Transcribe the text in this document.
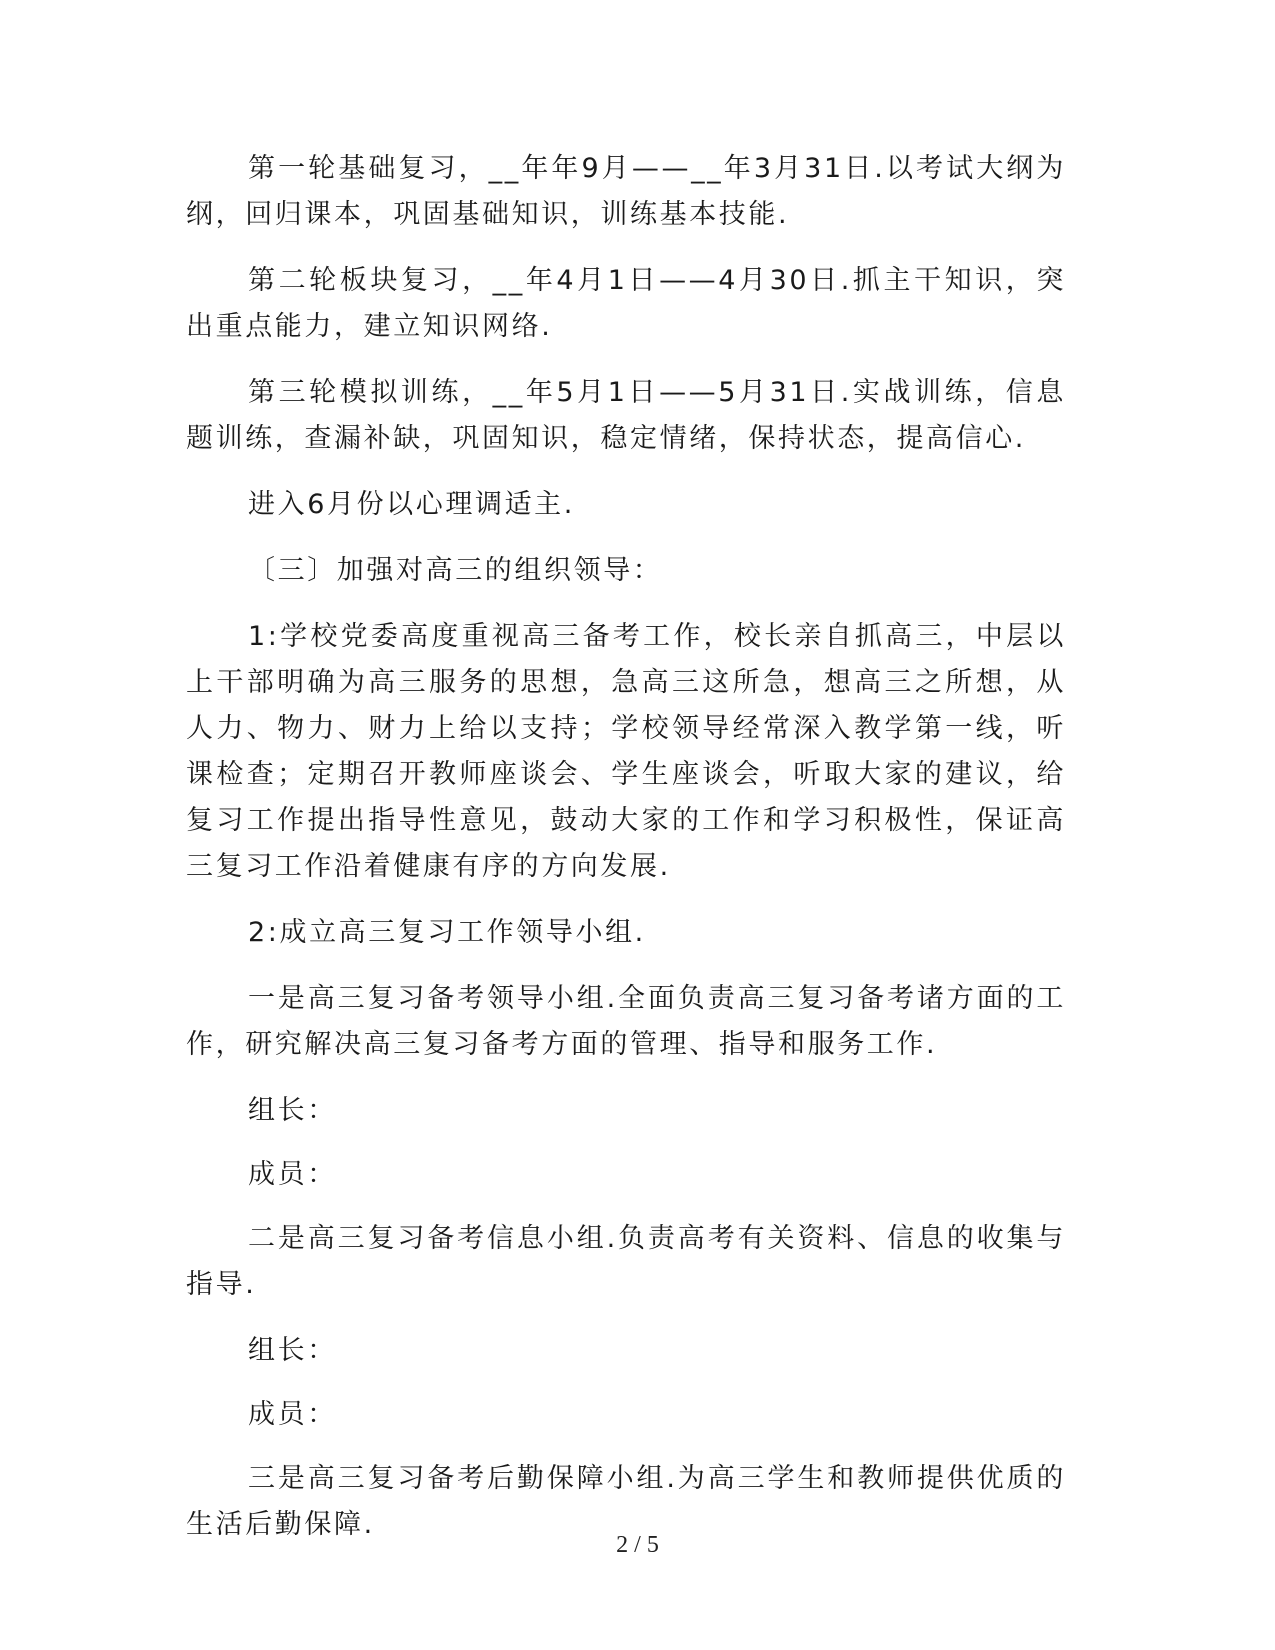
第一轮基础复习，__年年9月——__年3月31日.以考试大纲为纲，回归课本，巩固基础知识，训练基本技能.

第二轮板块复习，__年4月1日——4月30日.抓主干知识，突出重点能力，建立知识网络.

第三轮模拟训练，__年5月1日——5月31日.实战训练，信息题训练，查漏补缺，巩固知识，稳定情绪，保持状态，提高信心.

进入6月份以心理调适主.

〔三〕加强对高三的组织领导：

1:学校党委高度重视高三备考工作，校长亲自抓高三，中层以上干部明确为高三服务的思想，急高三这所急，想高三之所想，从人力、物力、财力上给以支持；学校领导经常深入教学第一线，听课检查；定期召开教师座谈会、学生座谈会，听取大家的建议，给复习工作提出指导性意见，鼓动大家的工作和学习积极性，保证高三复习工作沿着健康有序的方向发展.

2:成立高三复习工作领导小组.

一是高三复习备考领导小组.全面负责高三复习备考诸方面的工作，研究解决高三复习备考方面的管理、指导和服务工作.

组长：

成员：

二是高三复习备考信息小组.负责高考有关资料、信息的收集与指导.

组长：

成员：

三是高三复习备考后勤保障小组.为高三学生和教师提供优质的生活后勤保障.

2 / 5
